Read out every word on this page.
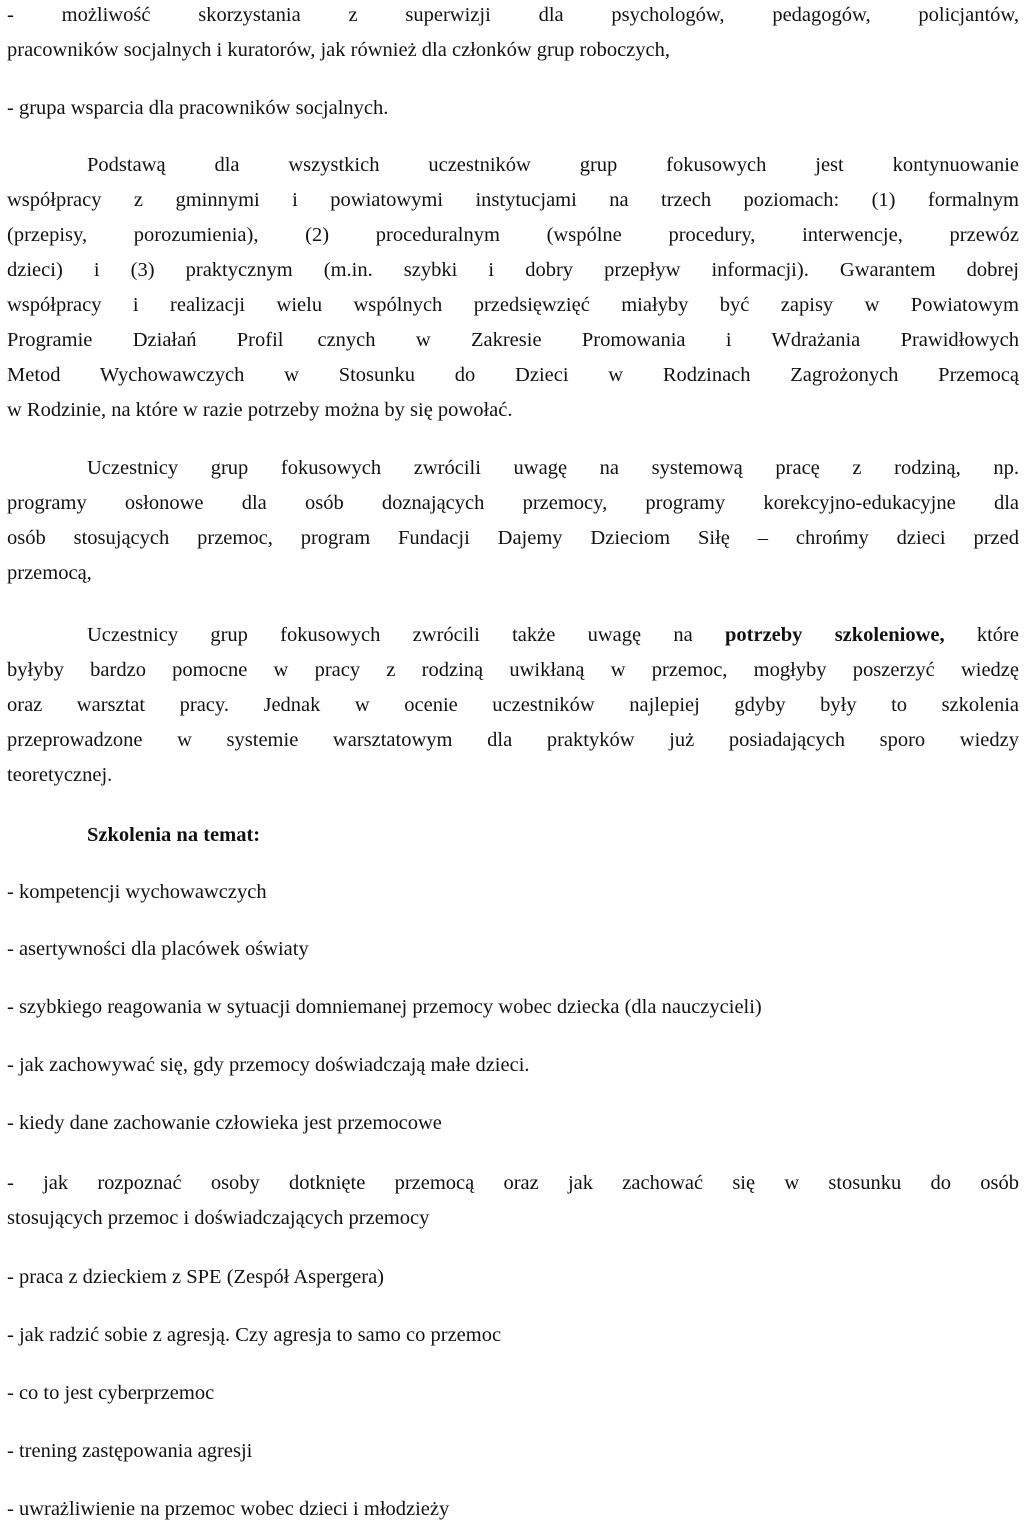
- możliwość skorzystania z superwizji dla psychologów, pedagogów, policjantów,
pracowników socjalnych i kuratorów, jak również dla członków grup roboczych,
- grupa wsparcia dla pracowników socjalnych.
Podstawą dla wszystkich uczestników grup fokusowych jest kontynuowanie
współpracy z gminnymi i powiatowymi instytucjami na trzech poziomach: (1) formalnym
(przepisy, porozumienia), (2) proceduralnym (wspólne procedury, interwencje, przewóz
dzieci) i (3) praktycznym (m.in. szybki i dobry przepływ informacji). Gwarantem dobrej
współpracy i realizacji wielu wspólnych przedsięwzięć miałyby być zapisy w Powiatowym
Programie Działań Profil cznych w Zakresie Promowania i Wdrażania Prawidłowych
Metod Wychowawczych w Stosunku do Dzieci w Rodzinach Zagrożonych Przemocą
w Rodzinie, na które w razie potrzeby można by się powołać.
Uczestnicy grup fokusowych zwrócili uwagę na systemową pracę z rodziną, np.
programy osłonowe dla osób doznających przemocy, programy korekcyjno-edukacyjne dla
osób stosujących przemoc, program Fundacji Dajemy Dzieciom Siłę – chrońmy dzieci przed
przemocą,
Uczestnicy grup fokusowych zwrócili także uwagę na potrzeby szkoleniowe, które
byłyby bardzo pomocne w pracy z rodziną uwikłaną w przemoc, mogłyby poszerzyć wiedzę
oraz warsztat pracy. Jednak w ocenie uczestników najlepiej gdyby były to szkolenia
przeprowadzone w systemie warsztatowym dla praktyków już posiadających sporo wiedzy
teoretycznej.
Szkolenia na temat:
- kompetencji wychowawczych
- asertywności dla placówek oświaty
- szybkiego reagowania w sytuacji domniemanej przemocy wobec dziecka (dla nauczycieli)
- jak zachowywać się, gdy przemocy doświadczają małe dzieci.
- kiedy dane zachowanie człowieka jest przemocowe
- jak rozpoznać osoby dotknięte przemocą oraz jak zachować się w stosunku do osób
stosujących przemoc i doświadczających przemocy
- praca z dzieckiem z SPE (Zespół Aspergera)
- jak radzić sobie z agresją. Czy agresja to samo co przemoc
- co to jest cyberprzemoc
- trening zastępowania agresji
- uwrażliwienie na przemoc wobec dzieci i młodzieży
